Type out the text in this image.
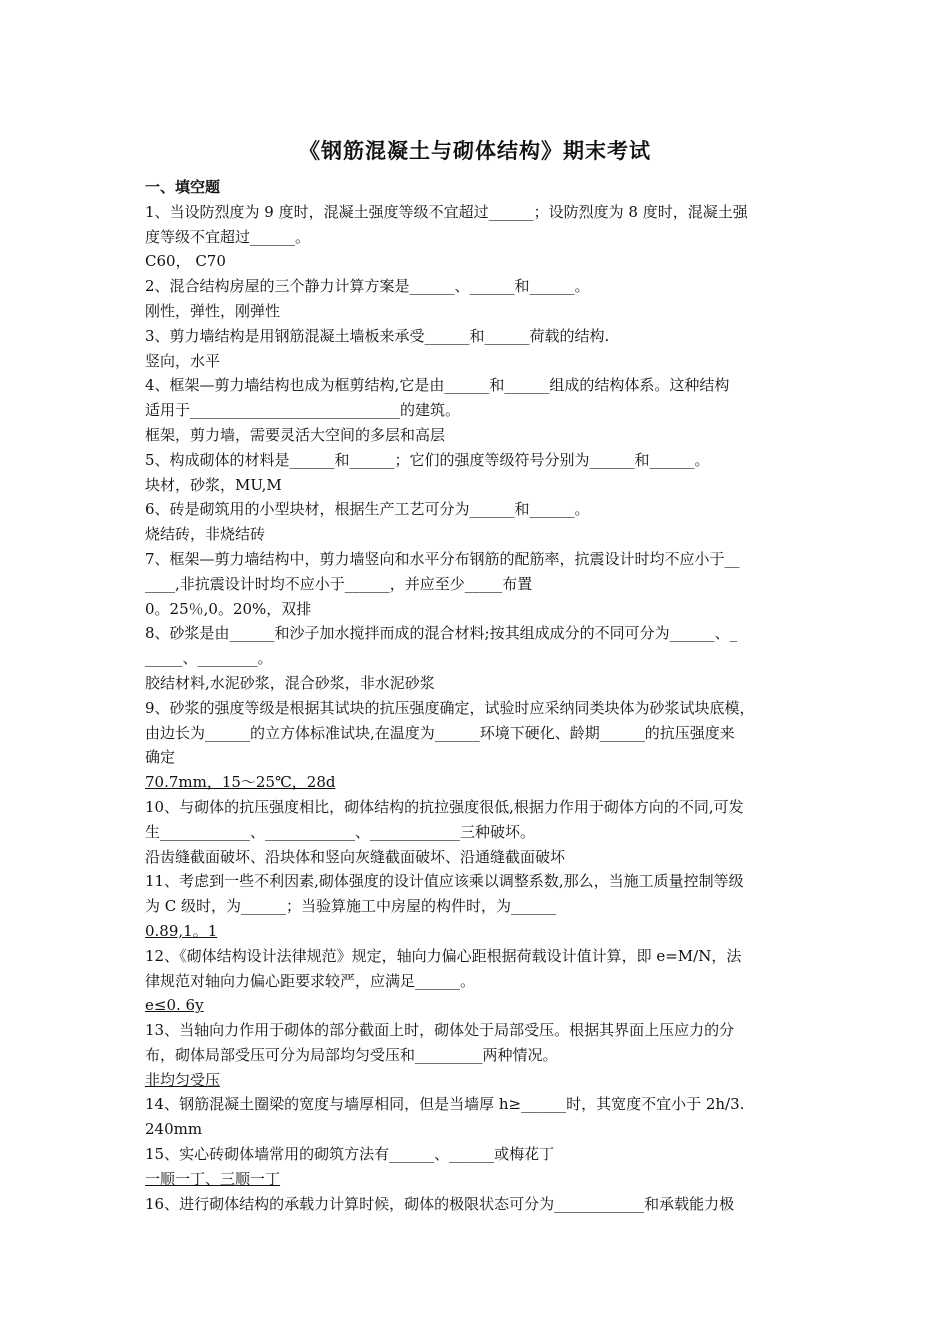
《钢筋混凝土与砌体结构》期末考试
一、填空题
1、当设防烈度为 9 度时，混凝土强度等级不宜超过______；设防烈度为 8 度时，混凝土强
度等级不宜超过______。
C60， C70
2、混合结构房屋的三个静力计算方案是______、______和______。
刚性，弹性，刚弹性
3、剪力墙结构是用钢筋混凝土墙板来承受______和______荷载的结构.
竖向，水平
4、框架—剪力墙结构也成为框剪结构,它是由______和______组成的结构体系。这种结构
适用于____________________________的建筑。
框架，剪力墙，需要灵活大空间的多层和高层
5、构成砌体的材料是______和______；它们的强度等级符号分别为______和______。
块材，砂浆，MU,M
6、砖是砌筑用的小型块材，根据生产工艺可分为______和______。
烧结砖，非烧结砖
7、框架—剪力墙结构中，剪力墙竖向和水平分布钢筋的配筋率，抗震设计时均不应小于__
____,非抗震设计时均不应小于______，并应至少_____布置
0。25％,0。20%，双排
8、砂浆是由______和沙子加水搅拌而成的混合材料;按其组成成分的不同可分为______、_
_____、________。
胶结材料,水泥砂浆，混合砂浆，非水泥砂浆
9、砂浆的强度等级是根据其试块的抗压强度确定，试验时应采纳同类块体为砂浆试块底模，
由边长为______的立方体标准试块,在温度为______环境下硬化、龄期______的抗压强度来
确定
70.7mm，15～25℃，28d
10、与砌体的抗压强度相比，砌体结构的抗拉强度很低,根据力作用于砌体方向的不同,可发
生____________、____________、____________三种破坏。
沿齿缝截面破坏、沿块体和竖向灰缝截面破坏、沿通缝截面破坏
11、考虑到一些不利因素,砌体强度的设计值应该乘以调整系数,那么，当施工质量控制等级
为 C 级时，为______；当验算施工中房屋的构件时，为______
0.89,1。1
12、《砌体结构设计法律规范》规定，轴向力偏心距根据荷载设计值计算，即 e=M/N，法
律规范对轴向力偏心距要求较严，应满足______。
e≤0. 6y
13、当轴向力作用于砌体的部分截面上时，砌体处于局部受压。根据其界面上压应力的分
布，砌体局部受压可分为局部均匀受压和_________两种情况。
非均匀受压
14、钢筋混凝土圈梁的宽度与墙厚相同，但是当墙厚 h≥______时，其宽度不宜小于 2h/3.
240mm
15、实心砖砌体墙常用的砌筑方法有______、______或梅花丁
一顺一丁、三顺一丁
16、进行砌体结构的承载力计算时候，砌体的极限状态可分为____________和承载能力极
